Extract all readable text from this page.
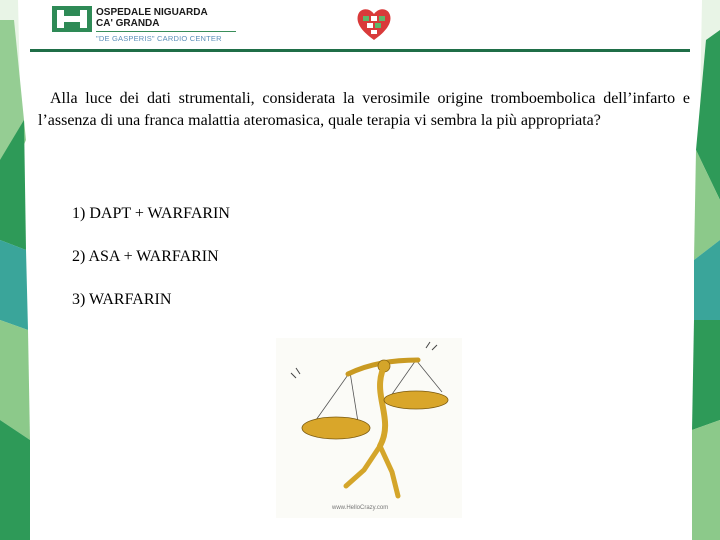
OSPEDALE NIGUARDA
CA' GRANDA
"DE GASPERIS" CARDIO CENTER

Alla luce dei dati strumentali, considerata la verosimile origine tromboembolica dell’infarto e l’assenza di una franca malattia ateromasica, quale terapia vi sembra la più appropriata?

1) DAPT + WARFARIN
2) ASA + WARFARIN
3) WARFARIN
www.HelloCrazy.com
